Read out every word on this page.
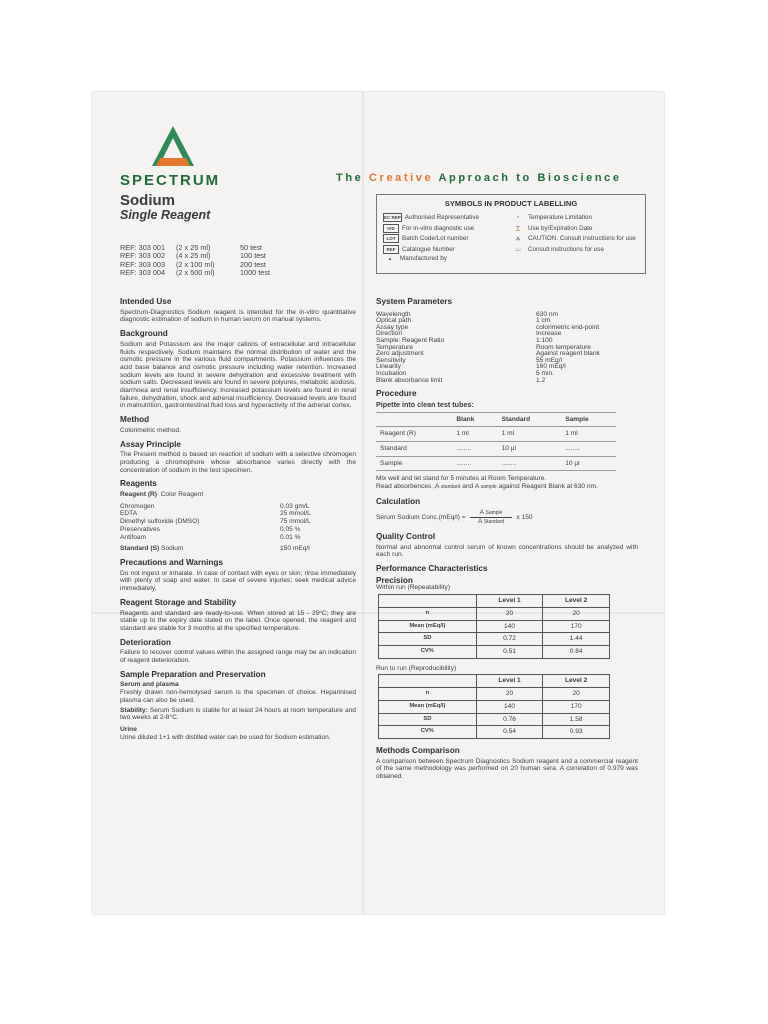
SPECTRUM	The Creative Approach to Bioscience
Sodium
Single Reagent
REF: 303 001	(2 x 25 ml)	50 test
REF: 303 002	(4 x 25 ml)	100 test
REF: 303 003	(2 x 100 ml)	200 test
REF: 303 004	(2 x 500 ml)	1000 test
SYMBOLS IN PRODUCT LABELLING
EC REP Authorised Representative	°	Temperature Limitation
IVD	For in-vitro diagnostic use	⌛	Use by/Expiration Date
LOT	Batch Code/Lot number	⚠	CAUTION. Consult instructions for use
REF	Catalogue Number	📖	Consult instructions for use
▲	Manufactured by
Intended Use
Spectrum-Diagnostics Sodium reagent is intended for the in-vitro quantitative diagnostic estimation of sodium in human serum on manual systems.
Background
Sodium and Potassium are the major cations of extracellular and intracellular fluids respectively. Sodium maintains the normal distribution of water and the osmotic pressure in the various fluid compartments. Potassium influences the acid base balance and osmotic pressure including water retention. Increased sodium levels are found in severe dehydration and excessive treatment with sodium salts. Decreased levels are found in severe polyures, metabolic acidosis, diarrhoea and renal insufficiency. Increased potassium levels are found in renal failure, dehydration, shock and adrenal insufficiency. Decreased levels are found in malnutrition, gastrointestinal fluid loss and hyperactivity of the adrenal cortex.
Method
Colorimetric method.
Assay Principle
The Present method is based on reaction of sodium with a selective chromogen producing a chromophore whose absorbance varies directly with the concentration of sodium in the test specimen.
Reagents
Reagent (R) Color Reagent
Chromogen	0.03 gm/L
EDTA	25 mmol/L
Dimethyl sulfoxide (DMSO)	75 mmol/L
Preservatives	0.05 %
Antifoam	0.01 %
Standard (S) Sodium	150 mEq/l
Precautions and Warnings
Do not ingest or inhalate. In case of contact with eyes or skin; rinse immediately with plenty of soap and water. In case of severe injuries; seek medical advice immediately.
Reagent Storage and Stability
Reagents and standard are ready-to-use. When stored at 15 - 25ºC; they are stable up to the expiry date stated on the label. Once opened, the reagent and standard are stable for 3 months at the specified temperature.
Deterioration
Failure to recover control values within the assigned range may be an indication of reagent deterioration.
Sample Preparation and Preservation
Serum and plasma
Freshly drawn non-hemolysed serum is the specimen of choice. Heparinised plasma can also be used.
Stability: Serum Sodium is stable for at least 24 hours at room temperature and two weeks at 2-8°C.
Urine
Urine diluted 1+1 with distilled water can be used for Sodium estimation.
System Parameters
Wavelength	630 nm
Optical path	1 cm
Assay type	colorimetric end-point
Direction	Increase
Sample: Reagent Ratio	1:100
Temperature	Room temperature
Zero adjustment	Against reagent blank
Sensitivity	55 mEq/l
Linearity	160 mEq/l
Incubation	5 min.
Blank absorbance limit	1.2
Procedure
Pipette into clean test tubes:
	Blank	Standard	Sample
Reagent (R)	1 ml	1 ml	1 ml
Standard	........	10 µl	........
Sample	........	........	10 µl
Mix well and let stand for 5 minutes at Room Temperature.
Read absorbences ,A standard and A sample against Reagent Blank at 630 nm.
Calculation
Serum Sodium Conc.(mEq/l) = $\frac{\text{A Sample}}{\text{A Standard}}$ x 150
Quality Control
Normal and abnormal control serum of known concentrations should be analyzed with each run.
Performance Characteristics
Precision
Within run (Repeatability)
	Level 1	Level 2
n	20	20
Mean (mEq/l)	140	170
SD	0.72	1.44
CV%	0.51	0.84
Run to run (Reproducibility)
	Level 1	Level 2
n	20	20
Mean (mEq/l)	140	170
SD	0.76	1.58
CV%	0.54	0.93
Methods Comparison
A comparison between Spectrum Diagnostics Sodium reagent and a commercial reagent of the same methodology was performed on 20 human sera. A correlation of 0.979 was obtained.
